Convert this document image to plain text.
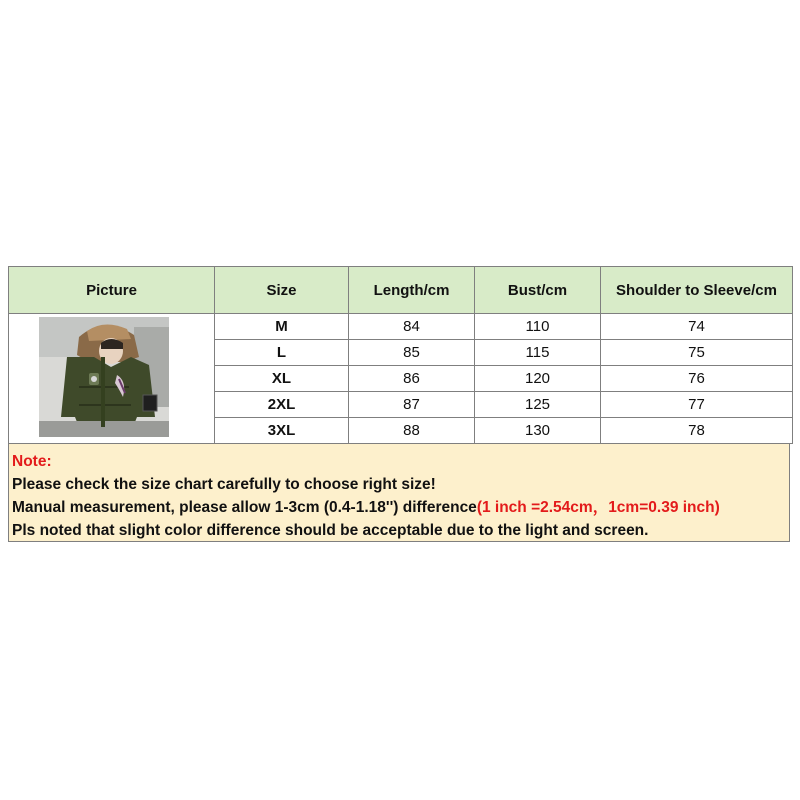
Picture	Size	Length/cm	Bust/cm	Shoulder to Sleeve/cm

	M	84	110	74
	L	85	115	75
	XL	86	120	76
	2XL	87	125	77
	3XL	88	130	78
Note:
Please check the size chart carefully to choose right size!
Manual measurement, please allow 1-3cm (0.4-1.18'') difference(1 inch =2.54cm，1cm=0.39 inch)
Pls noted that slight color difference should be acceptable due to the light and screen.
